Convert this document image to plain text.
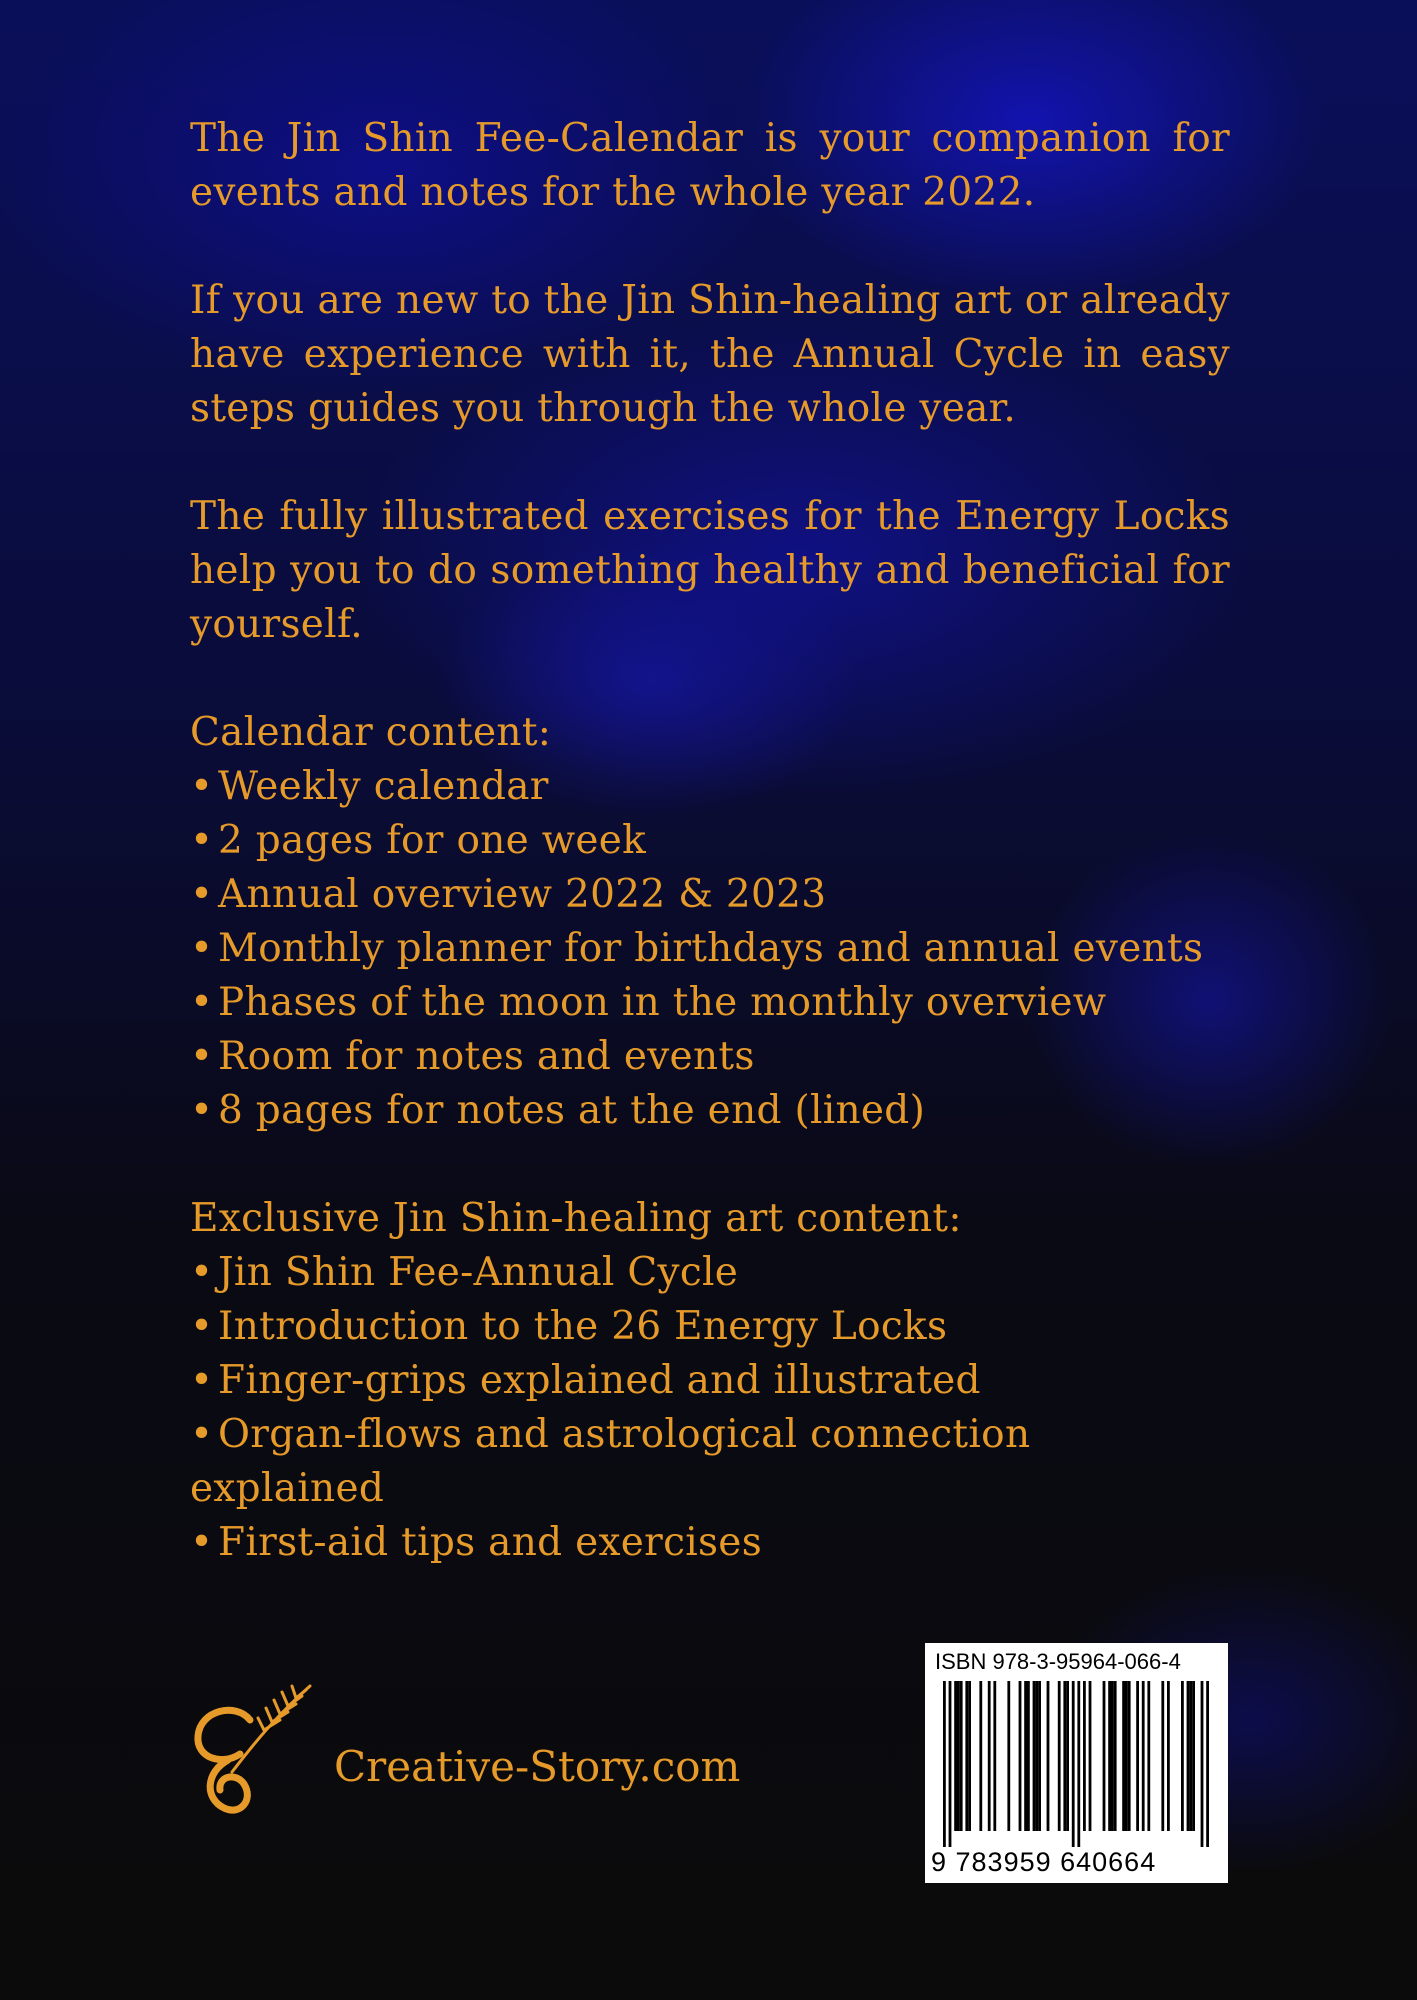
The Jin Shin Fee-Calendar is your companion for events and notes for the whole year 2022.

If you are new to the Jin Shin-healing art or already have experience with it, the Annual Cycle in easy steps guides you through the whole year.

The fully illustrated exercises for the Energy Locks help you to do something healthy and beneficial for yourself.

Calendar content:

• Weekly calendar
• 2 pages for one week
• Annual overview 2022 & 2023
• Monthly planner for birthdays and annual events
• Phases of the moon in the monthly overview
• Room for notes and events
• 8 pages for notes at the end (lined)

Exclusive Jin Shin-healing art content:

• Jin Shin Fee-Annual Cycle
• Introduction to the 26 Energy Locks
• Finger-grips explained and illustrated
• Organ-flows and astrological connection explained
• First-aid tips and exercises
Creative-Story.com
ISBN 978-3-95964-066-4
9 783959 640664
